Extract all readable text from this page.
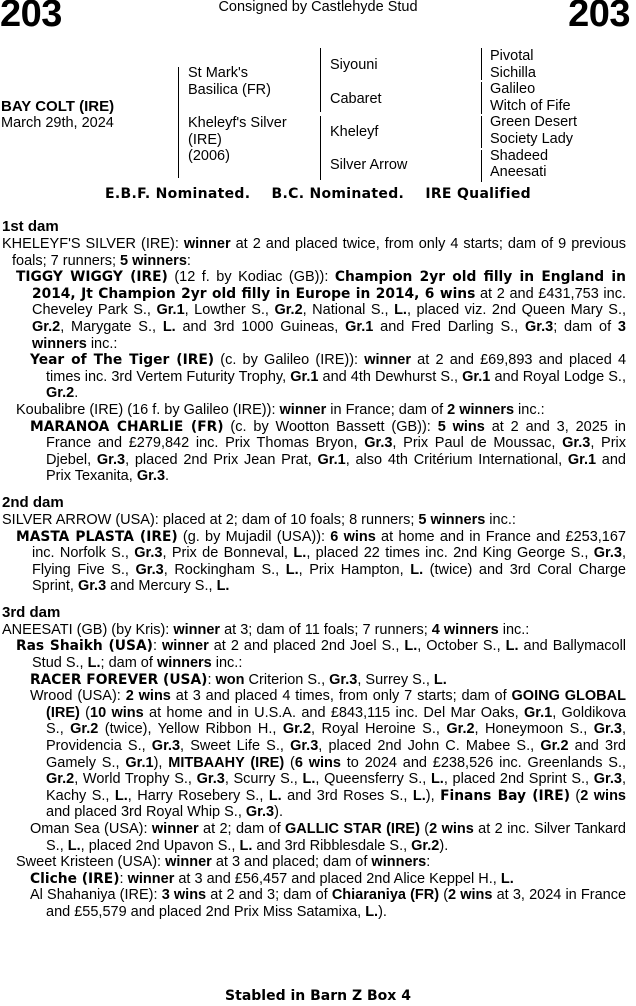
203	Consigned by Castlehyde Stud	203
BAY COLT (IRE)
March 29th, 2024
St Mark's
Basilica (FR)
Kheleyf's Silver
(IRE)
(2006)
Siyouni
Cabaret
Kheleyf
Silver Arrow
Pivotal
Sichilla
Galileo
Witch of Fife
Green Desert
Society Lady
Shadeed
Aneesati
E.B.F. Nominated. B.C. Nominated. IRE Qualified
1st dam
KHELEYF'S SILVER (IRE): winner at 2 and placed twice, from only 4 starts; dam of 9 previous foals; 7 runners; 5 winners:
TIGGY WIGGY (IRE) (12 f. by Kodiac (GB)): Champion 2yr old filly in England in 2014, Jt Champion 2yr old filly in Europe in 2014, 6 wins at 2 and £431,753 inc. Cheveley Park S., Gr.1, Lowther S., Gr.2, National S., L., placed viz. 2nd Queen Mary S., Gr.2, Marygate S., L. and 3rd 1000 Guineas, Gr.1 and Fred Darling S., Gr.3; dam of 3 winners inc.:
Year of The Tiger (IRE) (c. by Galileo (IRE)): winner at 2 and £69,893 and placed 4 times inc. 3rd Vertem Futurity Trophy, Gr.1 and 4th Dewhurst S., Gr.1 and Royal Lodge S., Gr.2.
Koubalibre (IRE) (16 f. by Galileo (IRE)): winner in France; dam of 2 winners inc.:
MARANOA CHARLIE (FR) (c. by Wootton Bassett (GB)): 5 wins at 2 and 3, 2025 in France and £279,842 inc. Prix Thomas Bryon, Gr.3, Prix Paul de Moussac, Gr.3, Prix Djebel, Gr.3, placed 2nd Prix Jean Prat, Gr.1, also 4th Critérium International, Gr.1 and Prix Texanita, Gr.3.
2nd dam
SILVER ARROW (USA): placed at 2; dam of 10 foals; 8 runners; 5 winners inc.:
MASTA PLASTA (IRE) (g. by Mujadil (USA)): 6 wins at home and in France and £253,167 inc. Norfolk S., Gr.3, Prix de Bonneval, L., placed 22 times inc. 2nd King George S., Gr.3, Flying Five S., Gr.3, Rockingham S., L., Prix Hampton, L. (twice) and 3rd Coral Charge Sprint, Gr.3 and Mercury S., L.
3rd dam
ANEESATI (GB) (by Kris): winner at 3; dam of 11 foals; 7 runners; 4 winners inc.:
Ras Shaikh (USA): winner at 2 and placed 2nd Joel S., L., October S., L. and Ballymacoll Stud S., L.; dam of winners inc.:
RACER FOREVER (USA): won Criterion S., Gr.3, Surrey S., L.
Wrood (USA): 2 wins at 3 and placed 4 times, from only 7 starts; dam of GOING GLOBAL (IRE) (10 wins at home and in U.S.A. and £843,115 inc. Del Mar Oaks, Gr.1, Goldikova S., Gr.2 (twice), Yellow Ribbon H., Gr.2, Royal Heroine S., Gr.2, Honeymoon S., Gr.3, Providencia S., Gr.3, Sweet Life S., Gr.3, placed 2nd John C. Mabee S., Gr.2 and 3rd Gamely S., Gr.1), MITBAAHY (IRE) (6 wins to 2024 and £238,526 inc. Greenlands S., Gr.2, World Trophy S., Gr.3, Scurry S., L., Queensferry S., L., placed 2nd Sprint S., Gr.3, Kachy S., L., Harry Rosebery S., L. and 3rd Roses S., L.), Finans Bay (IRE) (2 wins and placed 3rd Royal Whip S., Gr.3).
Oman Sea (USA): winner at 2; dam of GALLIC STAR (IRE) (2 wins at 2 inc. Silver Tankard S., L., placed 2nd Upavon S., L. and 3rd Ribblesdale S., Gr.2).
Sweet Kristeen (USA): winner at 3 and placed; dam of winners:
Cliche (IRE): winner at 3 and £56,457 and placed 2nd Alice Keppel H., L.
Al Shahaniya (IRE): 3 wins at 2 and 3; dam of Chiaraniya (FR) (2 wins at 3, 2024 in France and £55,579 and placed 2nd Prix Miss Satamixa, L.).
Stabled in Barn Z Box 4
